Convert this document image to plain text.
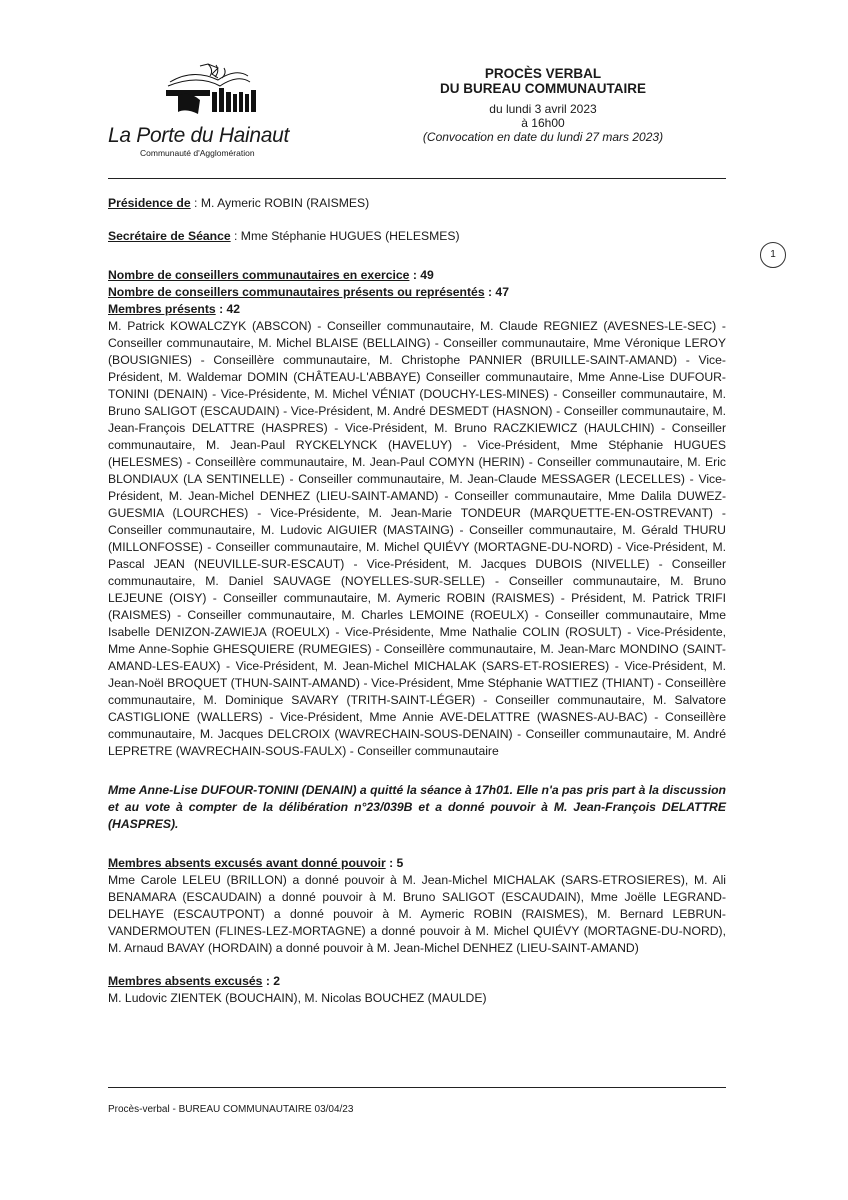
La Porte du Hainaut
Communauté d'Agglomération
PROCÈS VERBAL
DU BUREAU COMMUNAUTAIRE
du lundi 3 avril 2023
à 16h00
(Convocation en date du lundi 27 mars 2023)
1

Présidence de : M. Aymeric ROBIN (RAISMES)

Secrétaire de Séance : Mme Stéphanie HUGUES (HELESMES)

Nombre de conseillers communautaires en exercice : 49

Nombre de conseillers communautaires présents ou représentés : 47

Membres présents : 42

M. Patrick KOWALCZYK (ABSCON) - Conseiller communautaire, M. Claude REGNIEZ (AVESNES-LE-SEC) - Conseiller communautaire, M. Michel BLAISE (BELLAING) - Conseiller communautaire, Mme Véronique LEROY (BOUSIGNIES) - Conseillère communautaire, M. Christophe PANNIER (BRUILLE-SAINT-AMAND) - Vice-Président, M. Waldemar DOMIN (CHÂTEAU-L'ABBAYE) Conseiller communautaire, Mme Anne-Lise DUFOUR-TONINI (DENAIN) - Vice-Présidente, M. Michel VÉNIAT (DOUCHY-LES-MINES) - Conseiller communautaire, M. Bruno SALIGOT (ESCAUDAIN) - Vice-Président, M. André DESMEDT (HASNON) - Conseiller communautaire, M. Jean-François DELATTRE (HASPRES) - Vice-Président, M. Bruno RACZKIEWICZ (HAULCHIN) - Conseiller communautaire, M. Jean-Paul RYCKELYNCK (HAVELUY) - Vice-Président, Mme Stéphanie HUGUES (HELESMES) - Conseillère communautaire, M. Jean-Paul COMYN (HERIN) - Conseiller communautaire, M. Eric BLONDIAUX (LA SENTINELLE) - Conseiller communautaire, M. Jean-Claude MESSAGER (LECELLES) - Vice-Président, M. Jean-Michel DENHEZ (LIEU-SAINT-AMAND) - Conseiller communautaire, Mme Dalila DUWEZ-GUESMIA (LOURCHES) - Vice-Présidente, M. Jean-Marie TONDEUR (MARQUETTE-EN-OSTREVANT) - Conseiller communautaire, M. Ludovic AIGUIER (MASTAING) - Conseiller communautaire, M. Gérald THURU (MILLONFOSSE) - Conseiller communautaire, M. Michel QUIÉVY (MORTAGNE-DU-NORD) - Vice-Président, M. Pascal JEAN (NEUVILLE-SUR-ESCAUT) - Vice-Président, M. Jacques DUBOIS (NIVELLE) - Conseiller communautaire, M. Daniel SAUVAGE (NOYELLES-SUR-SELLE) - Conseiller communautaire, M. Bruno LEJEUNE (OISY) - Conseiller communautaire, M. Aymeric ROBIN (RAISMES) - Président, M. Patrick TRIFI (RAISMES) - Conseiller communautaire, M. Charles LEMOINE (ROEULX) - Conseiller communautaire, Mme Isabelle DENIZON-ZAWIEJA (ROEULX) - Vice-Présidente, Mme Nathalie COLIN (ROSULT) - Vice-Présidente, Mme Anne-Sophie GHESQUIERE (RUMEGIES) - Conseillère communautaire, M. Jean-Marc MONDINO (SAINT-AMAND-LES-EAUX) - Vice-Président, M. Jean-Michel MICHALAK (SARS-ET-ROSIERES) - Vice-Président, M. Jean-Noël BROQUET (THUN-SAINT-AMAND) - Vice-Président, Mme Stéphanie WATTIEZ (THIANT) - Conseillère communautaire, M. Dominique SAVARY (TRITH-SAINT-LÉGER) - Conseiller communautaire, M. Salvatore CASTIGLIONE (WALLERS) - Vice-Président, Mme Annie AVE-DELATTRE (WASNES-AU-BAC) - Conseillère communautaire, M. Jacques DELCROIX (WAVRECHAIN-SOUS-DENAIN) - Conseiller communautaire, M. André LEPRETRE (WAVRECHAIN-SOUS-FAULX) - Conseiller communautaire

Mme Anne-Lise DUFOUR-TONINI (DENAIN) a quitté la séance à 17h01. Elle n'a pas pris part à la discussion et au vote à compter de la délibération n°23/039B et a donné pouvoir à M. Jean-François DELATTRE (HASPRES).

Membres absents excusés avant donné pouvoir : 5

Mme Carole LELEU (BRILLON) a donné pouvoir à M. Jean-Michel MICHALAK (SARS-ETROSIERES), M. Ali BENAMARA (ESCAUDAIN) a donné pouvoir à M. Bruno SALIGOT (ESCAUDAIN), Mme Joëlle LEGRAND-DELHAYE (ESCAUTPONT) a donné pouvoir à M. Aymeric ROBIN (RAISMES), M. Bernard LEBRUN-VANDERMOUTEN (FLINES-LEZ-MORTAGNE) a donné pouvoir à M. Michel QUIÉVY (MORTAGNE-DU-NORD), M. Arnaud BAVAY (HORDAIN) a donné pouvoir à M. Jean-Michel DENHEZ (LIEU-SAINT-AMAND)

Membres absents excusés : 2

M. Ludovic ZIENTEK (BOUCHAIN), M. Nicolas BOUCHEZ (MAULDE)

Procès-verbal - BUREAU COMMUNAUTAIRE 03/04/23
